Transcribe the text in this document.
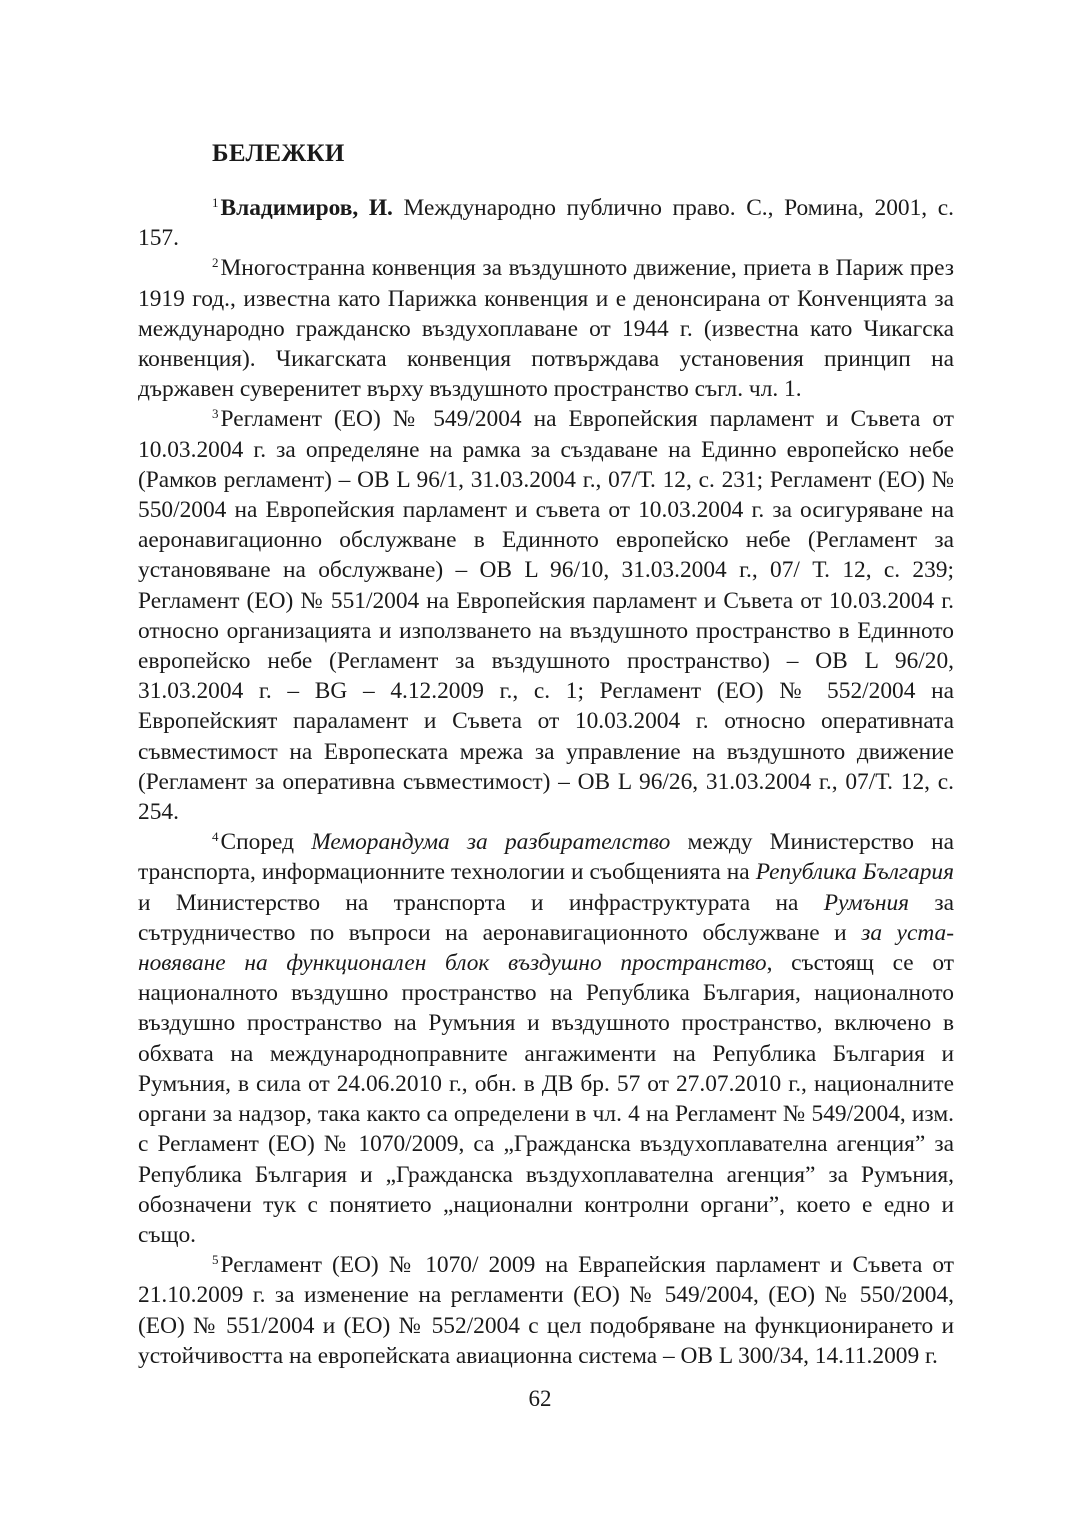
БЕЛЕЖКИ

$^1$Владимиров, И. Международно публично право. С., Ромина, 2001, с. 157.

$^2$Многостранна конвенция за въздушното движение, приета в Париж през 1919 год., известна като Парижка конвенция и е денонсирана от Конvенцията за международно гражданско въздухоплаване от 1944 г. (известна като Чикагска конвенция). Чикагската конвенция потвърждава установения принцип на държавен суверенитет върху въздушното пространство съгл. чл. 1.

$^3$Регламент (ЕО) № 549/2004 на Европейския парламент и Съвета от 10.03.2004 г. за определяне на рамка за създаване на Единно европейско небе (Рамков регламент) – ОВ L 96/1, 31.03.2004 г., 07/Т. 12, с. 231; Регламент (ЕО) № 550/2004 на Европейския парламент и съвета от 10.03.2004 г. за осигуряване на аеронавигационно обслужване в Единното европейско небе (Регламент за установяване на обслужване) – ОВ L 96/10, 31.03.2004 г., 07/ Т. 12, с. 239; Регламент (ЕО) № 551/2004 на Европейския парламент и Съвета от 10.03.2004 г. относно организацията и използването на въздушното пространство в Единното европейско небе (Регламент за въздушното пространство) – ОВ L 96/20, 31.03.2004 г. – BG – 4.12.2009 г., с. 1; Регламент (ЕО) № 552/2004 на Европейският параламент и Съвета от 10.03.2004 г. относно оперативната съвместимост на Европеската мрежа за управление на въздушното движение (Регламент за оперативна съвместимост) – ОВ L 96/26, 31.03.2004 г., 07/Т. 12, с. 254.

$^4$Според Меморандума за разбирателство между Министерство на транспорта, информационните технологии и съобщенията на Република България и Министерство на транспорта и инфраструктурата на Румъния за сътрудничество по въпроси на аеронавигационното обслужване и за установяване на функционален блок въздушно пространство, състоящ се от националното въздушно пространство на Република България, националното въздушно пространство на Румъния и въздушното пространство, включено в обхвата на международноправните ангажименти на Република България и Румъния, в сила от 24.06.2010 г., обн. в ДВ бр. 57 от 27.07.2010 г., националните органи за надзор, така както са определени в чл. 4 на Регламент № 549/2004, изм. с Регламент (ЕО) № 1070/2009, са „Гражданска въздухоплавателна агенция” за Република България и „Гражданска въздухоплавателна агенция” за Румъния, обозначени тук с понятието „национални контролни органи”, което е едно и също.

$^5$Регламент (ЕО) № 1070/ 2009 на Еврапейския парламент и Съвета от 21.10.2009 г. за изменение на регламенти (ЕО) № 549/2004, (ЕО) № 550/2004, (ЕО) № 551/2004 и (ЕО) № 552/2004 с цел подобряване на функционирането и устойчивостта на европейската авиационна система – ОВ L 300/34, 14.11.2009 г.

62
